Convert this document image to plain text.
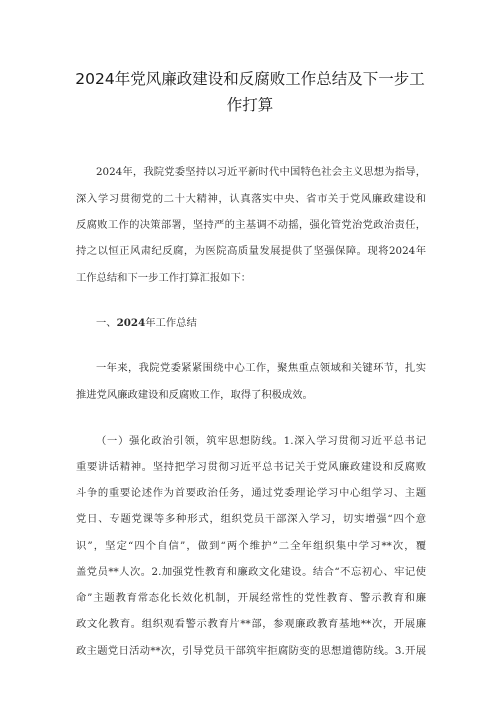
2024年党风廉政建设和反腐败工作总结及下一步工
作打算

2024年，我院党委坚持以习近平新时代中国特色社会主义思想为指导，

深入学习贯彻党的二十大精神，认真落实中央、省市关于党风廉政建设和

反腐败工作的决策部署，坚持严的主基调不动摇，强化管党治党政治责任，

持之以恒正风肃纪反腐，为医院高质量发展提供了坚强保障。现将2024年

工作总结和下一步工作打算汇报如下：

一、2024年工作总结

一年来，我院党委紧紧围绕中心工作，聚焦重点领域和关键环节，扎实

推进党风廉政建设和反腐败工作，取得了积极成效。

（一）强化政治引领，筑牢思想防线。1.深入学习贯彻习近平总书记

重要讲话精神。坚持把学习贯彻习近平总书记关于党风廉政建设和反腐败

斗争的重要论述作为首要政治任务，通过党委理论学习中心组学习、主题

党日、专题党课等多种形式，组织党员干部深入学习，切实增强“四个意

识”，坚定“四个自信”，做到“两个维护”二全年组织集中学习**次，覆

盖党员**人次。2.加强党性教育和廉政文化建设。结合“不忘初心、牢记使

命”主题教育常态化长效化机制，开展经常性的党性教育、警示教育和廉

政文化教育。组织观看警示教育片**部，参观廉政教育基地**次，开展廉

政主题党日活动**次，引导党员干部筑牢拒腐防变的思想道德防线。3.开展
